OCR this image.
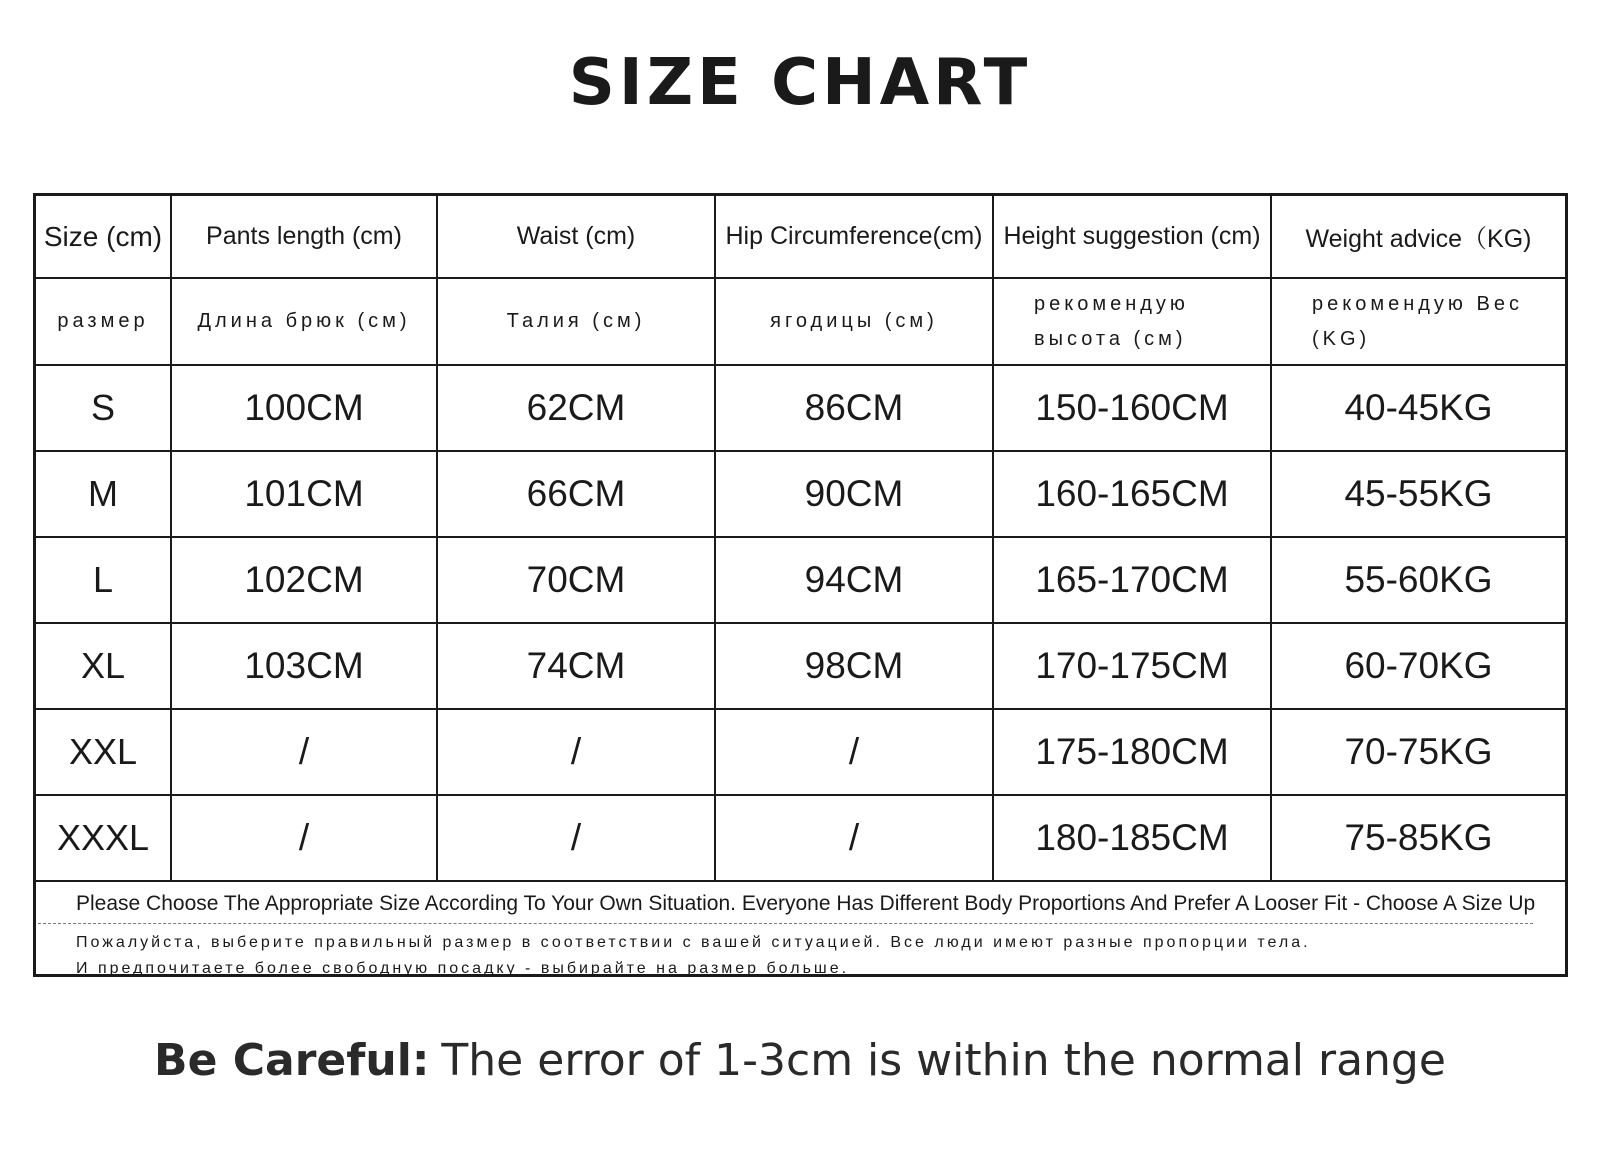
SIZE CHART
Size (cm)	Pants length (cm)	Waist (cm)	Hip Circumference(cm)	Height suggestion (cm)	Weight advice（KG)
размер	Длина брюк (см)	Талия (см)	ягодицы (см)	рекомендую высота (см)	рекомендую Вес (KG)
S	100CM	62CM	86CM	150-160CM	40-45KG
M	101CM	66CM	90CM	160-165CM	45-55KG
L	102CM	70CM	94CM	165-170CM	55-60KG
XL	103CM	74CM	98CM	170-175CM	60-70KG
XXL	/	/	/	175-180CM	70-75KG
XXXL	/	/	/	180-185CM	75-85KG
Please Choose The Appropriate Size According To Your Own Situation. Everyone Has Different Body Proportions And Prefer A Looser Fit - Choose A Size Up
Пожалуйста, выберите правильный размер в соответствии с вашей ситуацией. Все люди имеют разные пропорции тела.
И предпочитаете более свободную посадку - выбирайте на размер больше.
Be Careful: The error of 1-3cm is within the normal range
